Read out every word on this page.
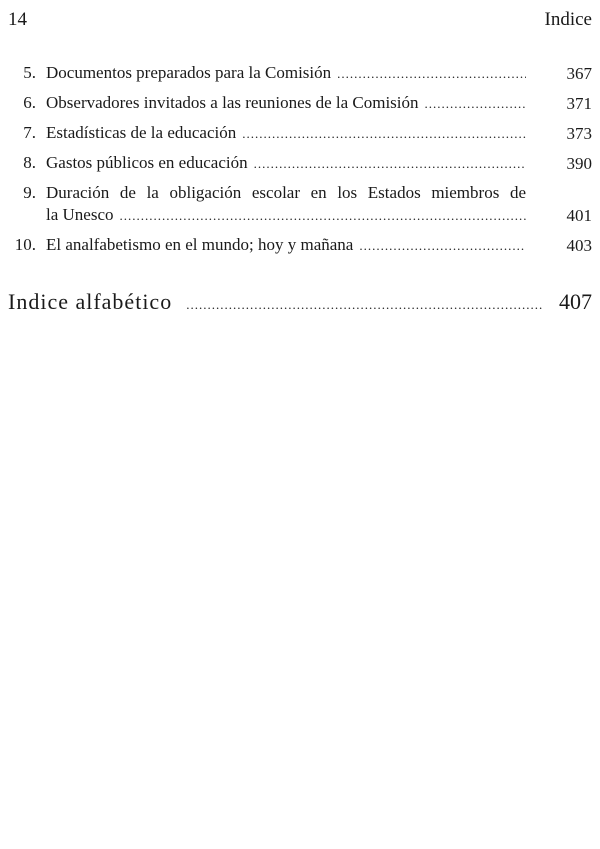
14	Indice
5. Documentos preparados para la Comisión .....	367
6. Observadores invitados a las reuniones de la Comisión .....	371
7. Estadísticas de la educación .....	373
8. Gastos públicos en educación .....	390
9. Duración de la obligación escolar en los Estados miembros de
la Unesco .....	401
10. El analfabetismo en el mundo; hoy y mañana .....	403
Indice alfabético .....	407
